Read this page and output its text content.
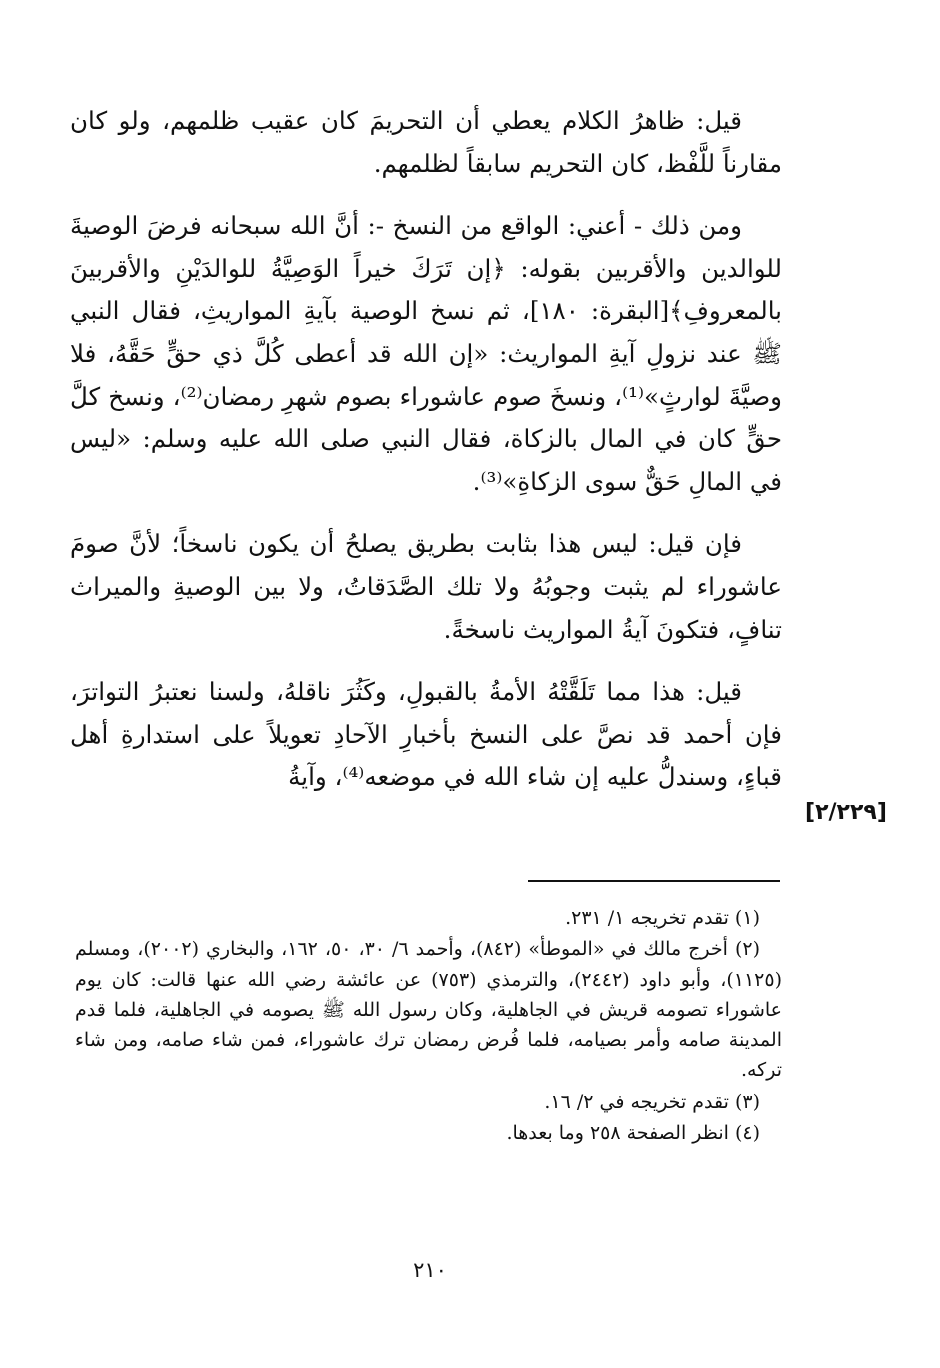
قيل: ظاهرُ الكلام يعطي أن التحريمَ كان عقيب ظلمهم، ولو كان مقارناً للَّفْظ، كان التحريم سابقاً لظلمهم.

ومن ذلك - أعني: الواقع من النسخ -: أنَّ الله سبحانه فرضَ الوصيةَ للوالدين والأقربين بقوله: ﴿إن تَرَكَ خيراً الوَصِيَّةُ للوالدَيْنِ والأقربينَ بالمعروفِ﴾[البقرة: ١٨٠]، ثم نسخ الوصية بآيةِ المواريثِ، فقال النبي ﷺ عند نزولِ آيةِ المواريث: «إن الله قد أعطى كُلَّ ذي حقٍّ حَقَّهُ، فلا وصيَّةَ لوارثٍ»⁽¹⁾، ونسخَ صوم عاشوراء بصوم شهرِ رمضان⁽²⁾، ونسخ كلَّ حقٍّ كان في المال بالزكاة، فقال النبي صلى الله عليه وسلم: «ليس في المالِ حَقٌّ سوى الزكاةِ»⁽³⁾.

فإن قيل: ليس هذا بثابت بطريق يصلحُ أن يكون ناسخاً؛ لأنَّ صومَ عاشوراء لم يثبت وجوبُهُ ولا تلك الصَّدَقاتُ، ولا بين الوصيةِ والميراث تنافٍ، فتكونَ آيةُ المواريث ناسخةً.

قيل: هذا مما تَلَقَّتْهُ الأمةُ بالقبولِ، وكَثُرَ ناقلهُ، ولسنا نعتبرُ التواترَ، فإن أحمد قد نصَّ على النسخ بأخبارِ الآحادِ تعويلاً على استدارةِ أهل قباءٍ، وسندلُّ عليه إن شاء الله في موضعه⁽⁴⁾، وآيةُ

[٢/٢٢٩]

(١) تقدم تخريجه ١/ ٢٣١.

(٢) أخرج مالك في «الموطأ» (٨٤٢)، وأحمد ٦/ ٣٠، ٥٠، ١٦٢، والبخاري (٢٠٠٢)، ومسلم (١١٢٥)، وأبو داود (٢٤٤٢)، والترمذي (٧٥٣) عن عائشة رضي الله عنها قالت: كان يوم عاشوراء تصومه قريش في الجاهلية، وكان رسول الله ﷺ يصومه في الجاهلية، فلما قدم المدينة صامه وأمر بصيامه، فلما فُرض رمضان ترك عاشوراء، فمن شاء صامه، ومن شاء تركه.

(٣) تقدم تخريجه في ٢/ ١٦.

(٤) انظر الصفحة ٢٥٨ وما بعدها.

٢١٠
